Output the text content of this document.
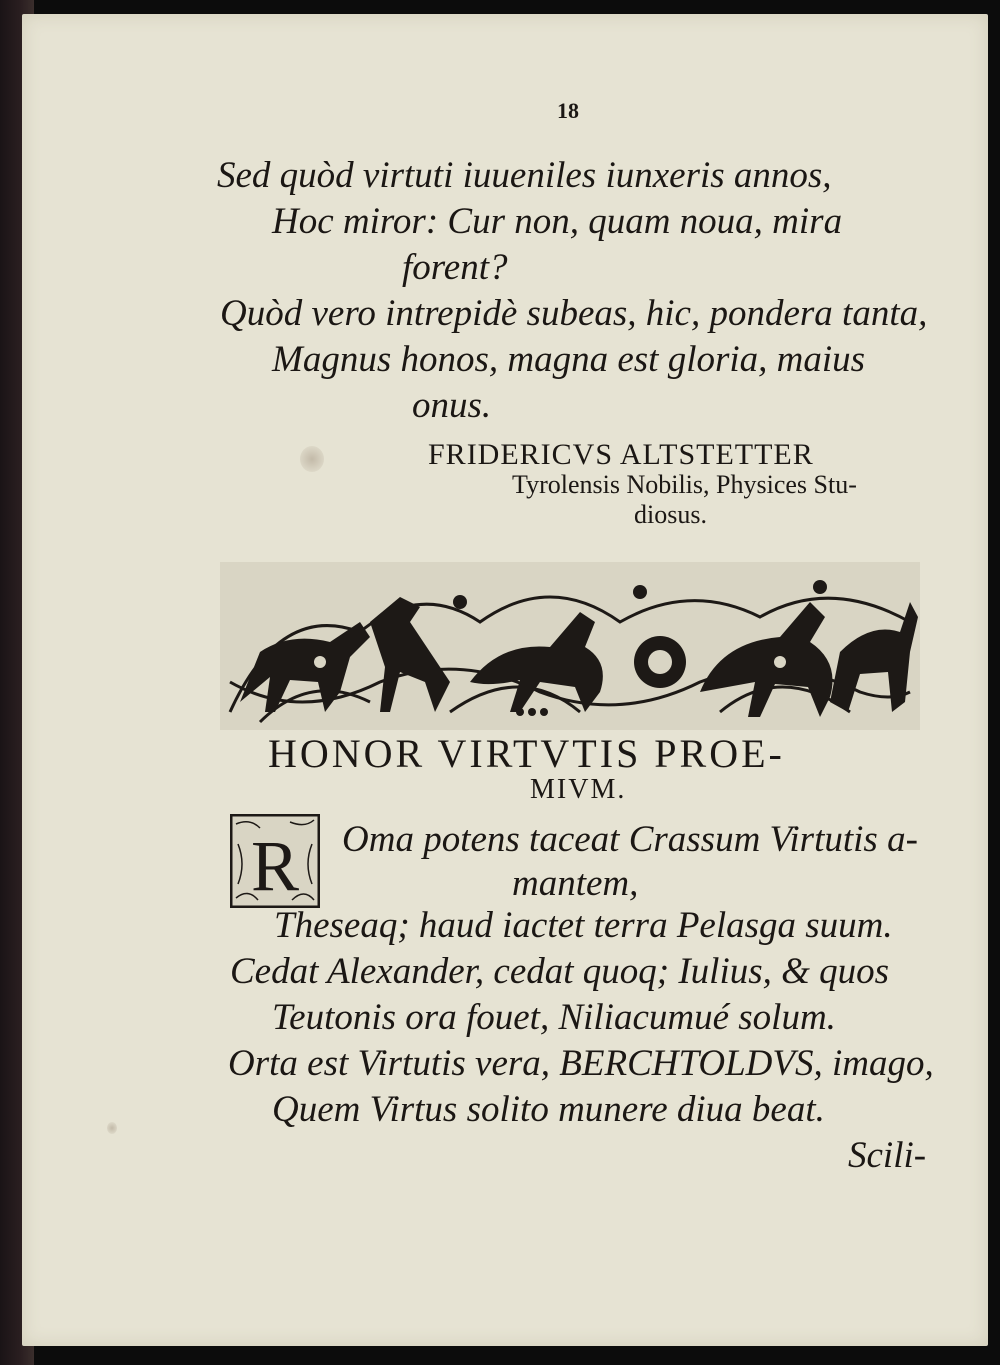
18
Sed quòd virtuti iuueniles iunxeris annos,
Hoc miror: Cur non, quam noua, mira
forent?
Quòd vero intrepidè subeas, hic, pondera tanta,
Magnus honos, magna est gloria, maius
onus.
FRIDERICVS ALTSTETTER
Tyrolensis Nobilis, Physices Stu-
diosus.
HONOR VIRTVTIS PROE-
MIVM.
R Oma potens taceat Crassum Virtutis a-
mantem,
Theseaq; haud iactet terra Pelasga suum.
Cedat Alexander, cedat quoq; Iulius, & quos
Teutonis ora fouet, Niliacumué solum.
Orta est Virtutis vera, BERCHTOLDVS, imago,
Quem Virtus solito munere diua beat.
Scili-
